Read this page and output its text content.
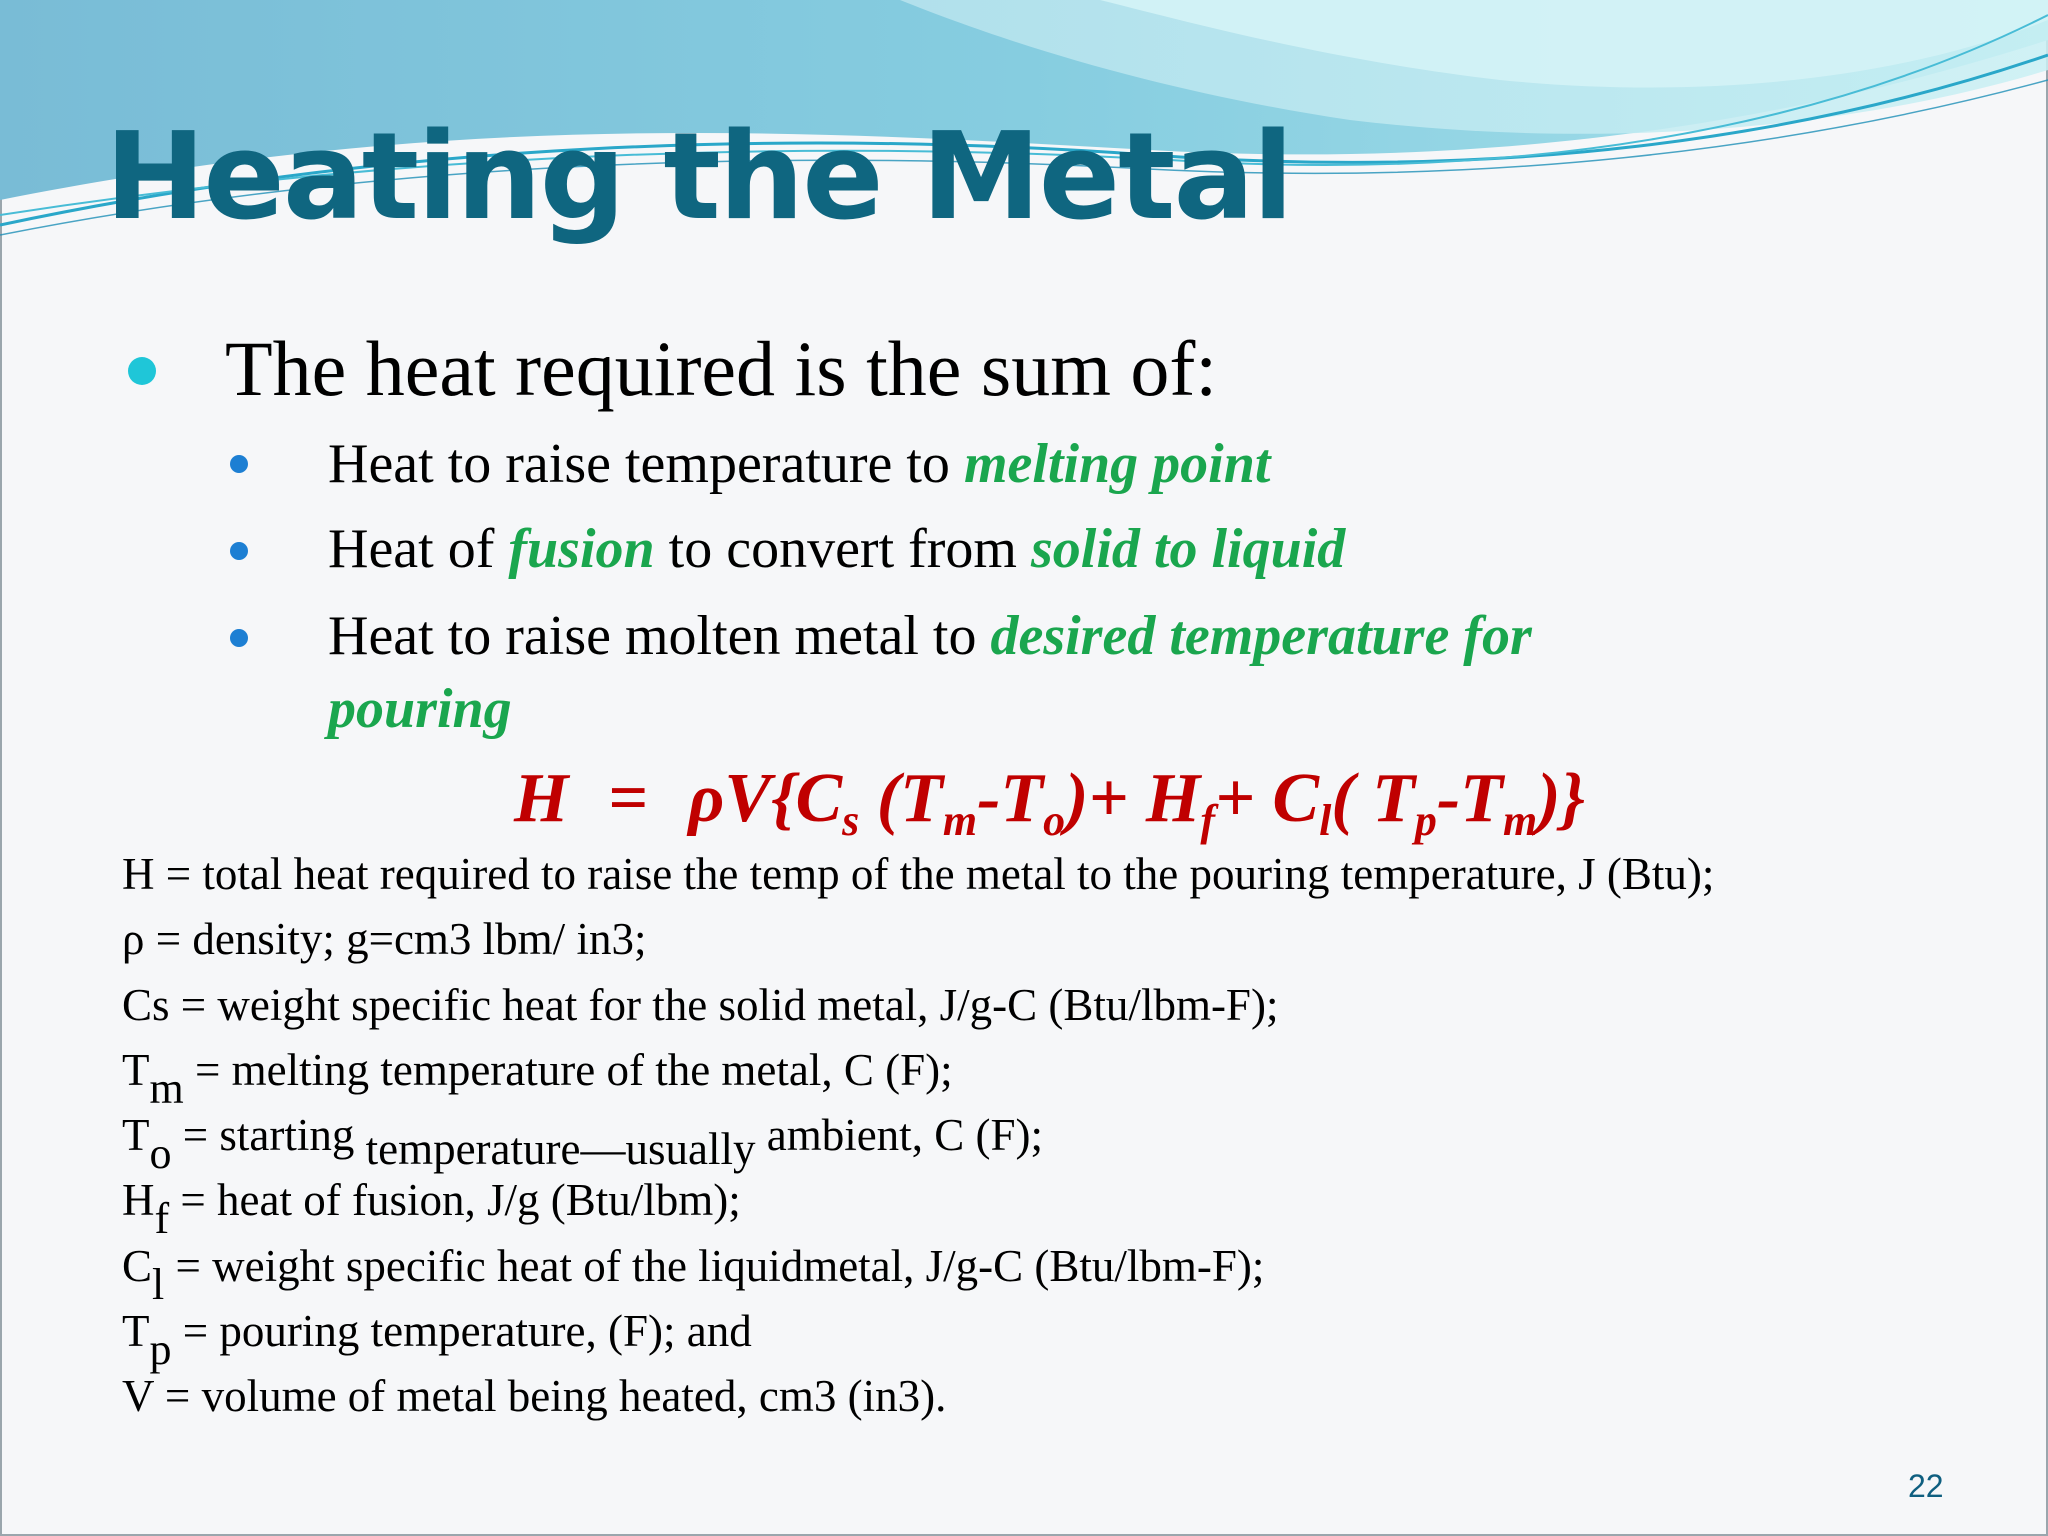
Heating the Metal
The heat required is the sum of:
Heat to raise temperature to melting point
Heat of fusion to convert from solid to liquid
Heat to raise molten metal to desired temperature for
pouring
$H = \rho V\{C_s$ $(T_m-T_o)+ H_f+ C_l$( $T_p-T_m$)}
H = total heat required to raise the temp of the metal to the pouring temperature, J (Btu);
ρ = density; g=cm3 lbm/ in3;
Cs = weight specific heat for the solid metal, J/g-C (Btu/lbm-F);
$T_m$ = melting temperature of the metal, C (F);
$T_o$ = starting temperature—usually ambient, C (F);
$H_f$ = heat of fusion, J/g (Btu/lbm);
$C_l$ = weight specific heat of the liquidmetal, J/g-C (Btu/lbm-F);
$T_p$ = pouring temperature, (F); and
V = volume of metal being heated, cm3 (in3).
22
